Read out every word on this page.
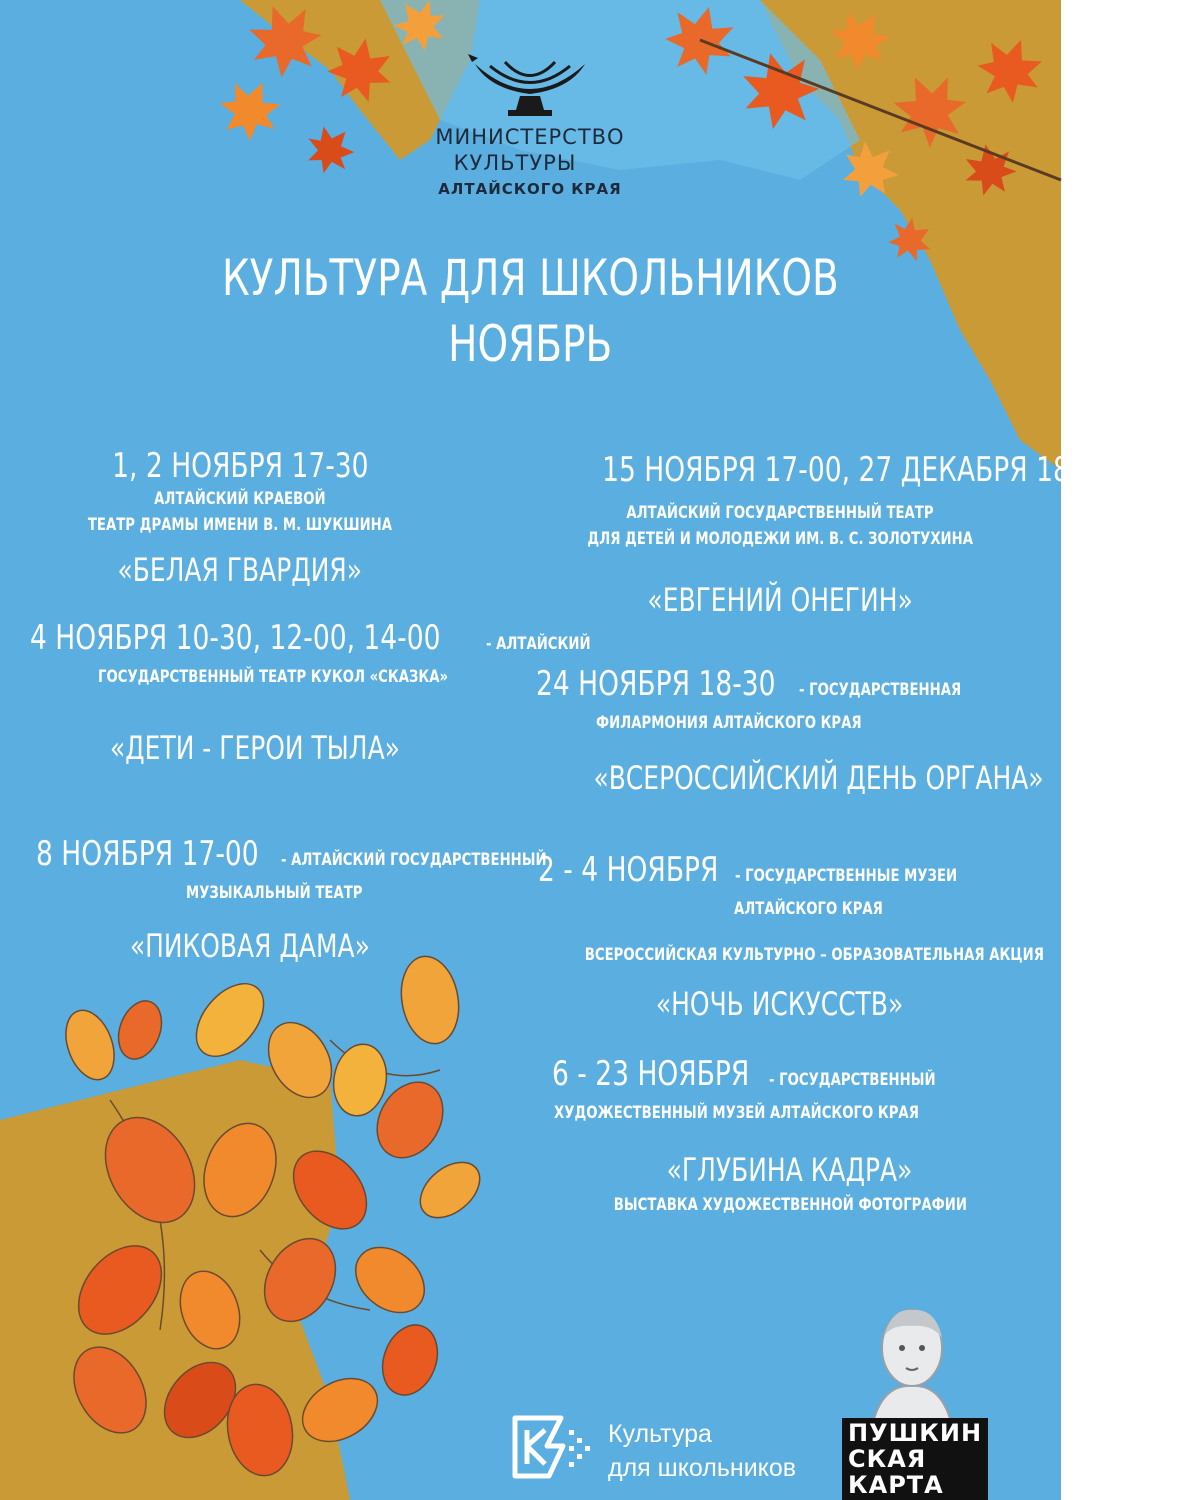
МИНИСТЕРСТВО
КУЛЬТУРЫ
АЛТАЙСКОГО КРАЯ
КУЛЬТУРА ДЛЯ ШКОЛЬНИКОВ
НОЯБРЬ
1, 2 НОЯБРЯ 17-30
АЛТАЙСКИЙ КРАЕВОЙ
ТЕАТР ДРАМЫ ИМЕНИ В. М. ШУКШИНА
«БЕЛАЯ ГВАРДИЯ»
4 НОЯБРЯ 10-30, 12-00, 14-00	- АЛТАЙСКИЙ
ГОСУДАРСТВЕННЫЙ ТЕАТР КУКОЛ «СКАЗКА»
«ДЕТИ - ГЕРОИ ТЫЛА»
8 НОЯБРЯ 17-00- АЛТАЙСКИЙ ГОСУДАРСТВЕННЫЙ
МУЗЫКАЛЬНЫЙ ТЕАТР
«ПИКОВАЯ ДАМА»
15 НОЯБРЯ 17-00, 27 ДЕКАБРЯ 18-30
АЛТАЙСКИЙ ГОСУДАРСТВЕННЫЙ ТЕАТР
ДЛЯ ДЕТЕЙ И МОЛОДЕЖИ ИМ. В. С. ЗОЛОТУХИНА
«ЕВГЕНИЙ ОНЕГИН»
24 НОЯБРЯ 18-30- ГОСУДАРСТВЕННАЯ
ФИЛАРМОНИЯ АЛТАЙСКОГО КРАЯ
«ВСЕРОССИЙСКИЙ ДЕНЬ ОРГАНА»
2 - 4 НОЯБРЯ- ГОСУДАРСТВЕННЫЕ МУЗЕИ
АЛТАЙСКОГО КРАЯ
ВСЕРОССИЙСКАЯ КУЛЬТУРНО – ОБРАЗОВАТЕЛЬНАЯ АКЦИЯ
«НОЧЬ ИСКУССТВ»
6 - 23 НОЯБРЯ- ГОСУДАРСТВЕННЫЙ
ХУДОЖЕСТВЕННЫЙ МУЗЕЙ АЛТАЙСКОГО КРАЯ
«ГЛУБИНА КАДРА»
ВЫСТАВКА ХУДОЖЕСТВЕННОЙ ФОТОГРАФИИ
Культура
для школьников
ПУШКИН
СКАЯ
КАРТА
